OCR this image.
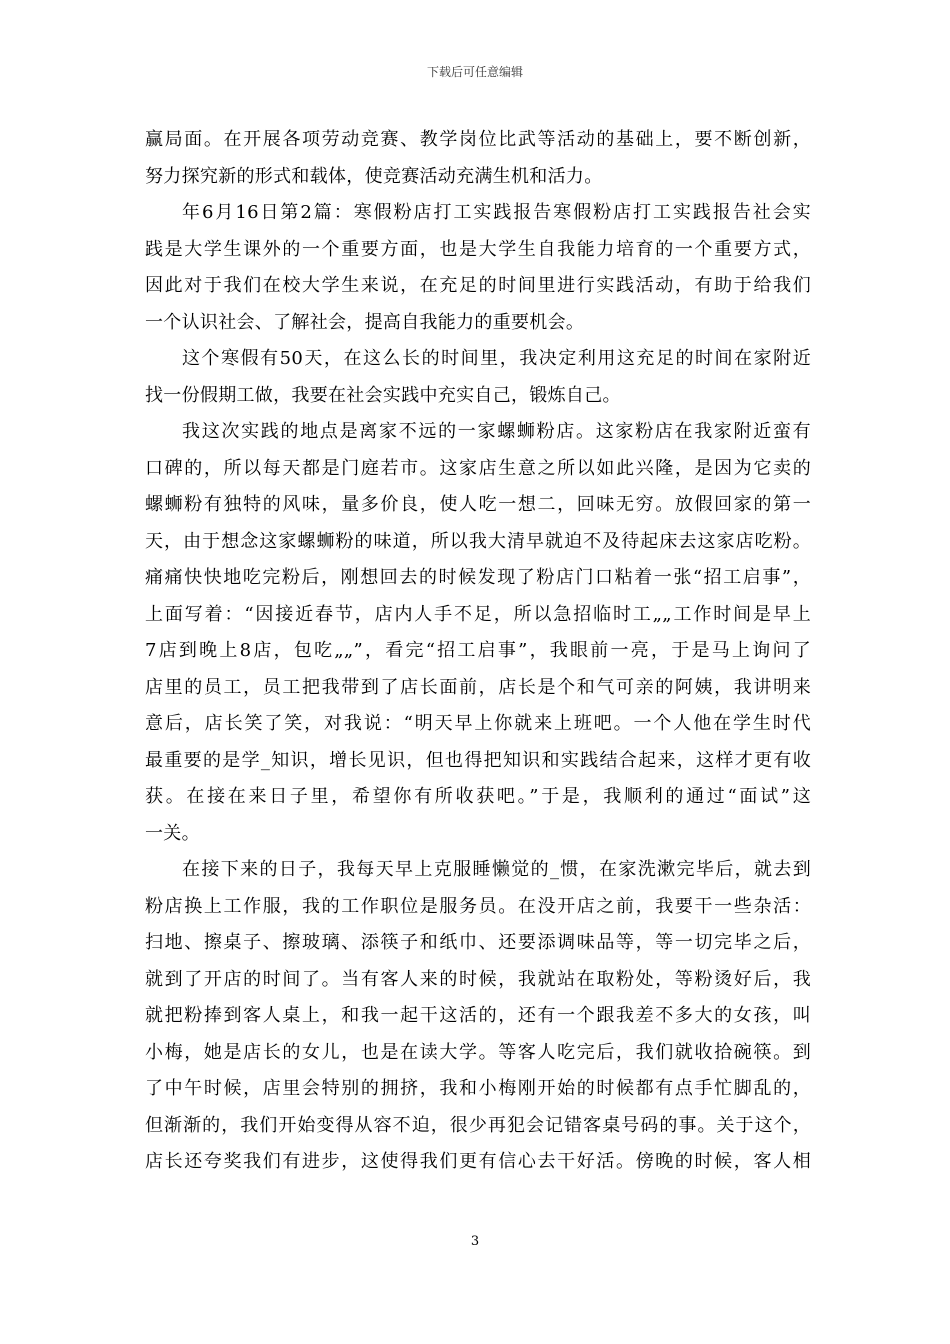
下载后可任意编辑
赢局面。在开展各项劳动竞赛、教学岗位比武等活动的基础上，要不断创新，
努力探究新的形式和载体，使竞赛活动充满生机和活力。
年6月16日第2篇：寒假粉店打工实践报告寒假粉店打工实践报告社会实
践是大学生课外的一个重要方面，也是大学生自我能力培育的一个重要方式，
因此对于我们在校大学生来说，在充足的时间里进行实践活动，有助于给我们
一个认识社会、了解社会，提高自我能力的重要机会。
这个寒假有50天，在这么长的时间里，我决定利用这充足的时间在家附近
找一份假期工做，我要在社会实践中充实自己，锻炼自己。
我这次实践的地点是离家不远的一家螺蛳粉店。这家粉店在我家附近蛮有
口碑的，所以每天都是门庭若市。这家店生意之所以如此兴隆，是因为它卖的
螺蛳粉有独特的风味，量多价良，使人吃一想二，回味无穷。放假回家的第一
天，由于想念这家螺蛳粉的味道，所以我大清早就迫不及待起床去这家店吃粉。
痛痛快快地吃完粉后，刚想回去的时候发现了粉店门口粘着一张“招工启事”，
上面写着：“因接近春节，店内人手不足，所以急招临时工„„工作时间是早上
7店到晚上8店，包吃„„”，看完“招工启事”，我眼前一亮，于是马上询问了
店里的员工，员工把我带到了店长面前，店长是个和气可亲的阿姨，我讲明来
意后，店长笑了笑，对我说：“明天早上你就来上班吧。一个人他在学生时代
最重要的是学_知识，增长见识，但也得把知识和实践结合起来，这样才更有收
获。在接在来日子里，希望你有所收获吧。”于是，我顺利的通过“面试”这
一关。
在接下来的日子，我每天早上克服睡懒觉的_惯，在家洗漱完毕后，就去到
粉店换上工作服，我的工作职位是服务员。在没开店之前，我要干一些杂活：
扫地、擦桌子、擦玻璃、添筷子和纸巾、还要添调味品等，等一切完毕之后，
就到了开店的时间了。当有客人来的时候，我就站在取粉处，等粉烫好后，我
就把粉捧到客人桌上，和我一起干这活的，还有一个跟我差不多大的女孩，叫
小梅，她是店长的女儿，也是在读大学。等客人吃完后，我们就收拾碗筷。到
了中午时候，店里会特别的拥挤，我和小梅刚开始的时候都有点手忙脚乱的，
但渐渐的，我们开始变得从容不迫，很少再犯会记错客桌号码的事。关于这个，
店长还夸奖我们有进步，这使得我们更有信心去干好活。傍晚的时候，客人相
3
